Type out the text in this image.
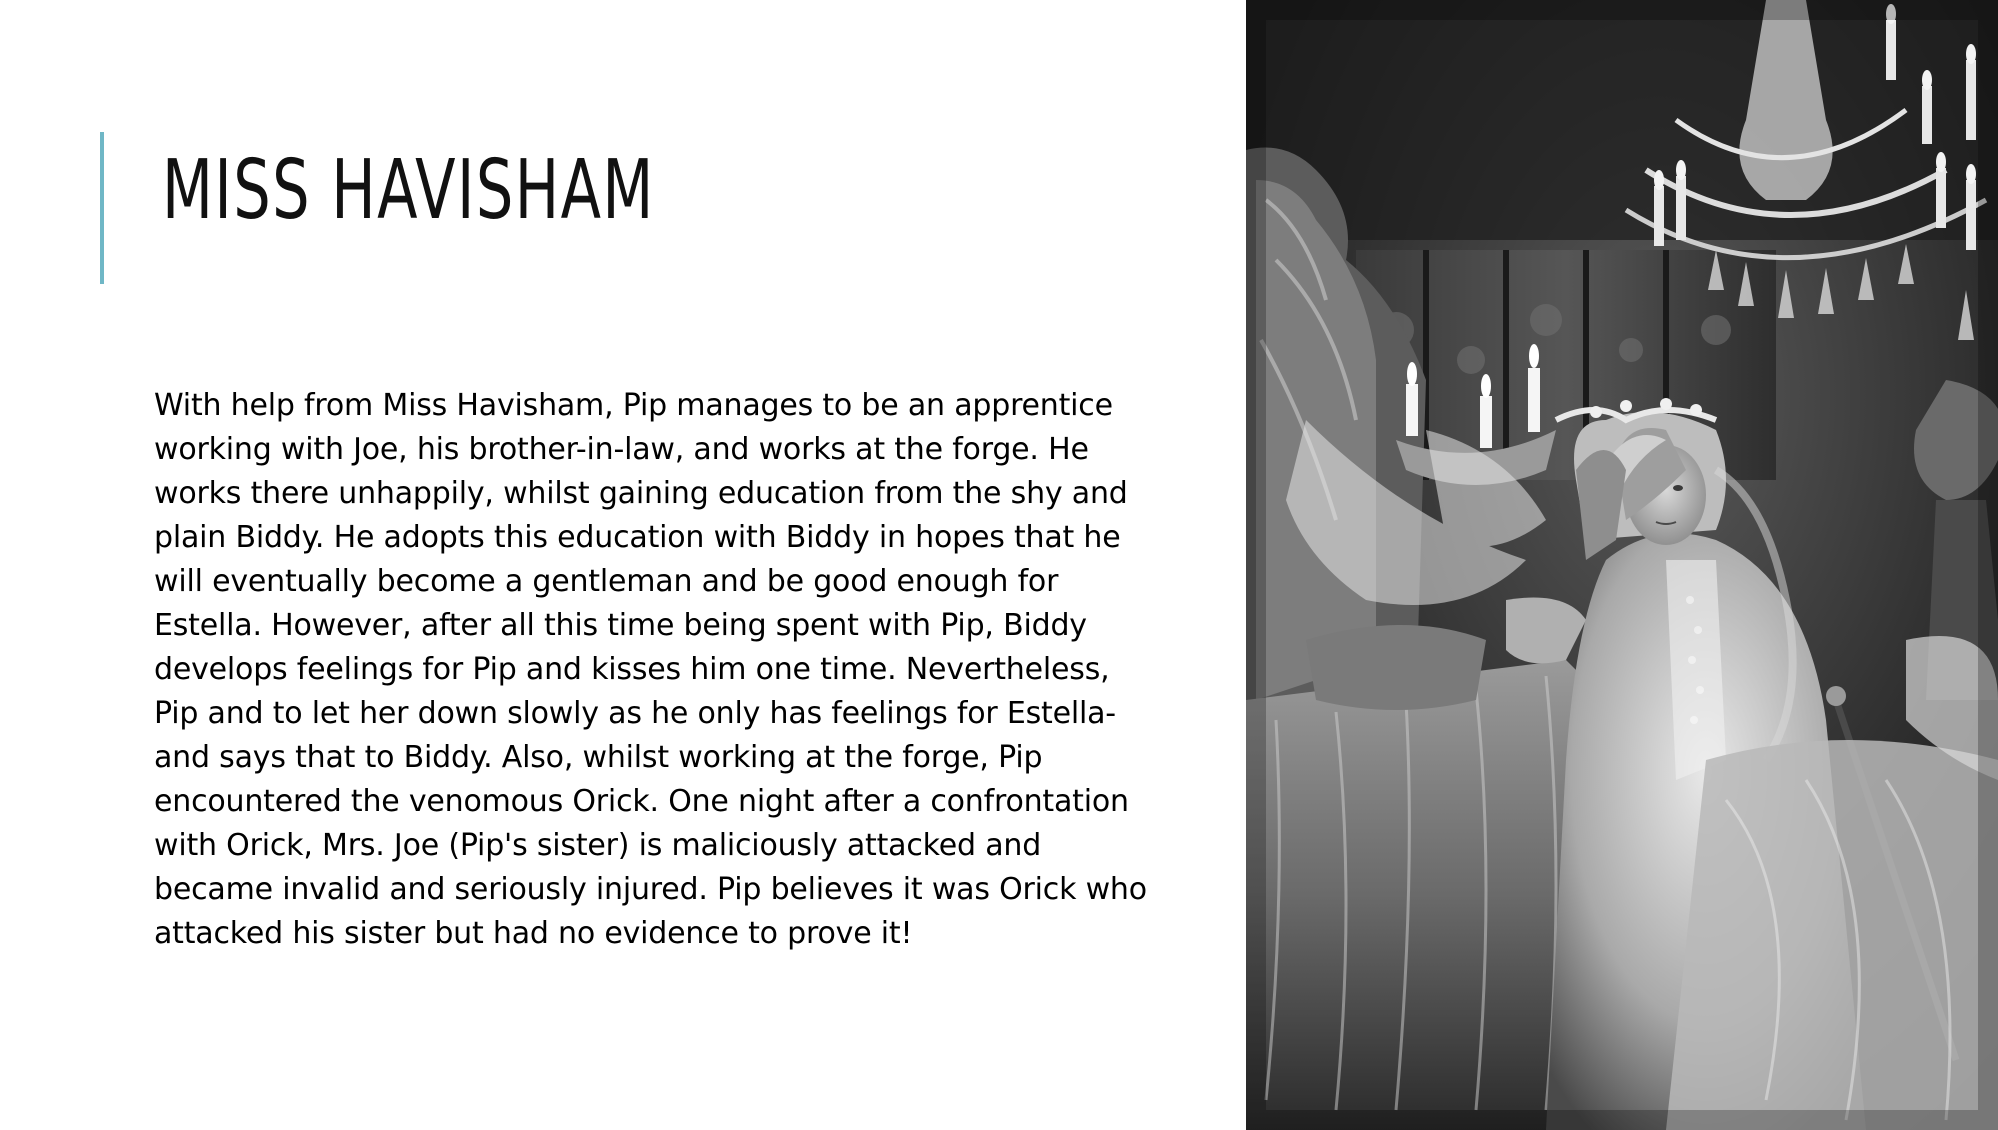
MISS HAVISHAM

With help from Miss Havisham, Pip manages to be an apprentice working with Joe, his brother-in-law, and works at the forge. He works there unhappily, whilst gaining education from the shy and plain Biddy. He adopts this education with Biddy in hopes that he will eventually become a gentleman and be good enough for Estella. However, after all this time being spent with Pip, Biddy develops feelings for Pip and kisses him one time. Nevertheless, Pip and to let her down slowly as he only has feelings for Estella- and says that to Biddy. Also, whilst working at the forge, Pip encountered the venomous Orick. One night after a confrontation with Orick, Mrs. Joe (Pip's sister) is maliciously attacked and became invalid and seriously injured. Pip believes it was Orick who attacked his sister but had no evidence to prove it!
